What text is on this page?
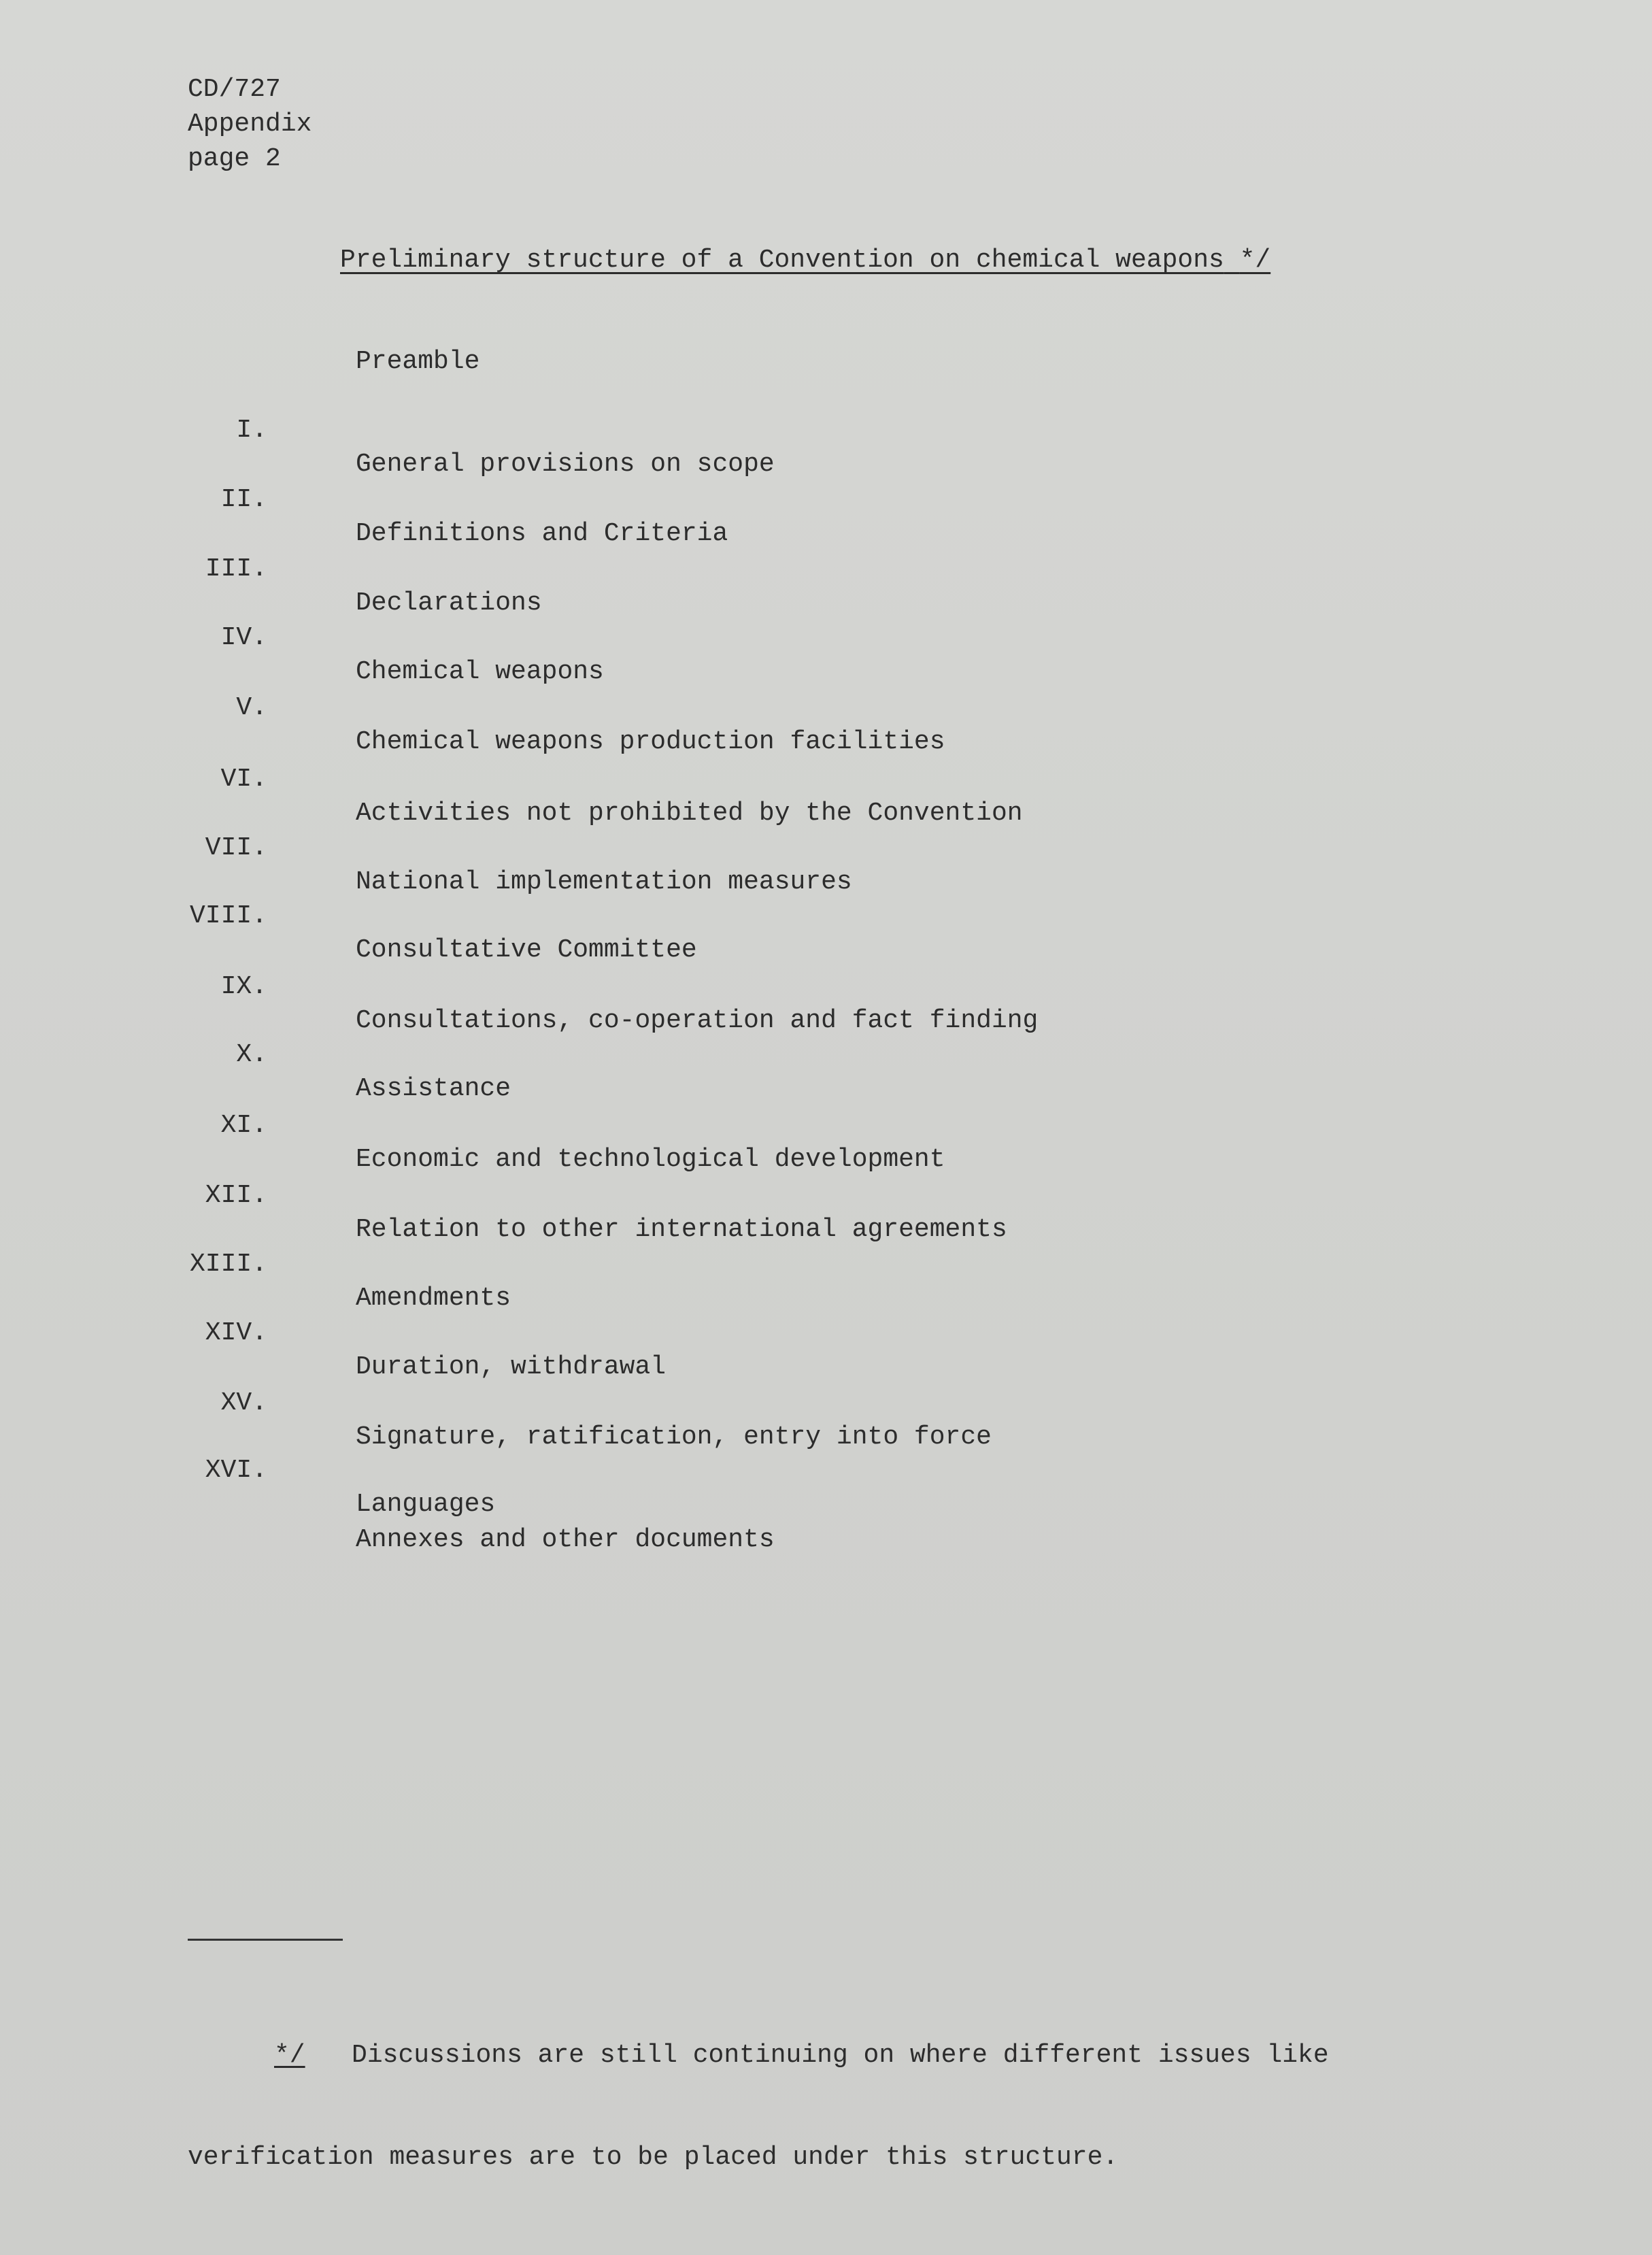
CD/727
Appendix
page 2
Preliminary structure of a Convention on chemical weapons */

Preamble

I.

General provisions on scope

II.

Definitions and Criteria

III.

Declarations

IV.

Chemical weapons

V.

Chemical weapons production facilities

VI.

Activities not prohibited by the Convention

VII.

National implementation measures

VIII.

Consultative Committee

IX.

Consultations, co-operation and fact finding

X.

Assistance

XI.

Economic and technological development

XII.

Relation to other international agreements

XIII.

Amendments

XIV.

Duration, withdrawal

XV.

Signature, ratification, entry into force

XVI.

Languages

Annexes and other documents

*/ Discussions are still continuing on where different issues like

verification measures are to be placed under this structure.
